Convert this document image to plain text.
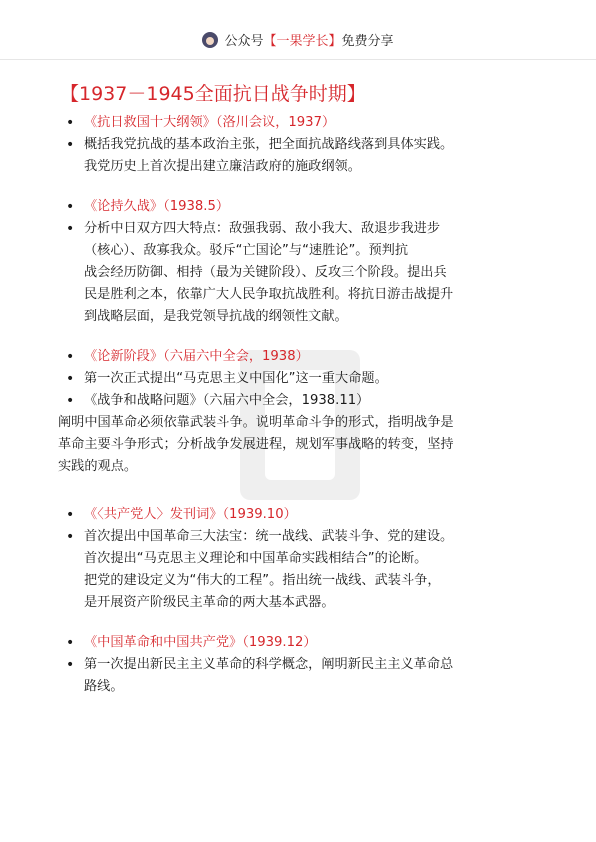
公众号 【一果学长】 免费分享
【1937－1945全面抗日战争时期】
• 《抗日救国十大纲领》（洛川会议，1937）
• 概括我党抗战的基本政治主张，把全面抗战路线落到具体实践。
我党历史上首次提出建立廉洁政府的施政纲领。
• 《论持久战》（1938.5）
• 分析中日双方四大特点：敌强我弱、敌小我大、敌退步我进步
（核心）、敌寡我众。驳斥“亡国论”与“速胜论”。预判抗
战会经历防御、相持（最为关键阶段）、反攻三个阶段。提出兵
民是胜利之本，依靠广大人民争取抗战胜利。将抗日游击战提升
到战略层面，是我党领导抗战的纲领性文献。
• 《论新阶段》（六届六中全会，1938）
• 第一次正式提出“马克思主义中国化”这一重大命题。
• 《战争和战略问题》（六届六中全会，1938.11）
阐明中国革命必须依靠武装斗争。说明革命斗争的形式，指明战争是
革命主要斗争形式；分析战争发展进程，规划军事战略的转变，坚持
实践的观点。
• 《〈共产党人〉发刊词》（1939.10）
• 首次提出中国革命三大法宝：统一战线、武装斗争、党的建设。
首次提出“马克思主义理论和中国革命实践相结合”的论断。
把党的建设定义为“伟大的工程”。指出统一战线、武装斗争，
是开展资产阶级民主革命的两大基本武器。
• 《中国革命和中国共产党》（1939.12）
• 第一次提出新民主主义革命的科学概念，阐明新民主主义革命总
路线。
